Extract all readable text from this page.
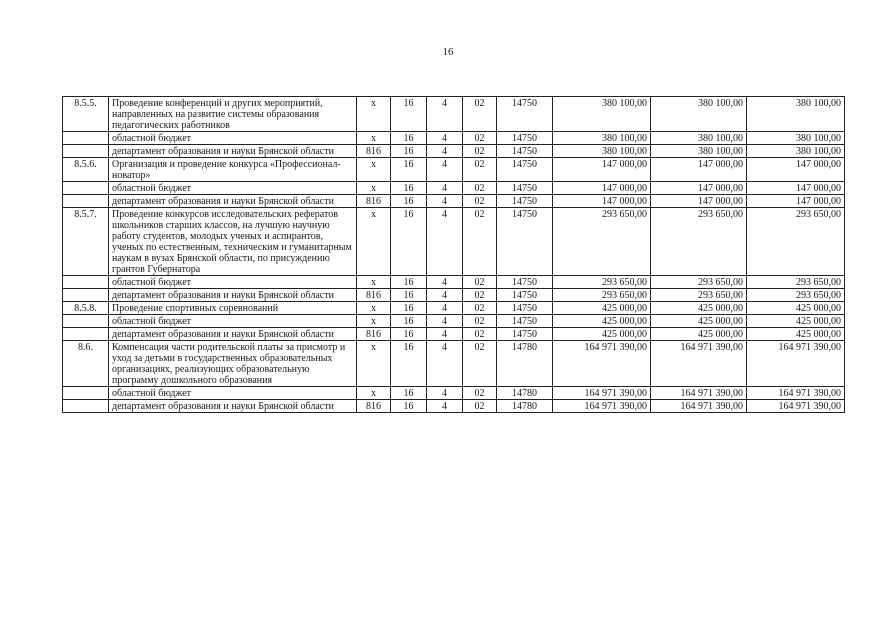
16
8.5.5.	Проведение конференций и других мероприятий, направленных на развитие системы образования педагогических работников	х	16	4	02	14750	380 100,00	380 100,00	380 100,00
	областной бюджет	х	16	4	02	14750	380 100,00	380 100,00	380 100,00
	департамент образования и науки Брянской области	816	16	4	02	14750	380 100,00	380 100,00	380 100,00
8.5.6.	Организация и проведение конкурса «Профессионал-новатор»	х	16	4	02	14750	147 000,00	147 000,00	147 000,00
	областной бюджет	х	16	4	02	14750	147 000,00	147 000,00	147 000,00
	департамент образования и науки Брянской области	816	16	4	02	14750	147 000,00	147 000,00	147 000,00
8.5.7.	Проведение конкурсов исследовательских рефератов школьников старших классов, на лучшую научную работу студентов, молодых ученых и аспирантов, ученых по естественным, техническим и гуманитарным наукам в вузах Брянской области, по присуждению грантов Губернатора	х	16	4	02	14750	293 650,00	293 650,00	293 650,00
	областной бюджет	х	16	4	02	14750	293 650,00	293 650,00	293 650,00
	департамент образования и науки Брянской области	816	16	4	02	14750	293 650,00	293 650,00	293 650,00
8.5.8.	Проведение спортивных соревнований	х	16	4	02	14750	425 000,00	425 000,00	425 000,00
	областной бюджет	х	16	4	02	14750	425 000,00	425 000,00	425 000,00
	департамент образования и науки Брянской области	816	16	4	02	14750	425 000,00	425 000,00	425 000,00
8.6.	Компенсация части родительской платы за присмотр и уход за детьми в государственных образовательных организациях, реализующих образовательную программу дошкольного образования	х	16	4	02	14780	164 971 390,00	164 971 390,00	164 971 390,00
	областной бюджет	х	16	4	02	14780	164 971 390,00	164 971 390,00	164 971 390,00
	департамент образования и науки Брянской области	816	16	4	02	14780	164 971 390,00	164 971 390,00	164 971 390,00
